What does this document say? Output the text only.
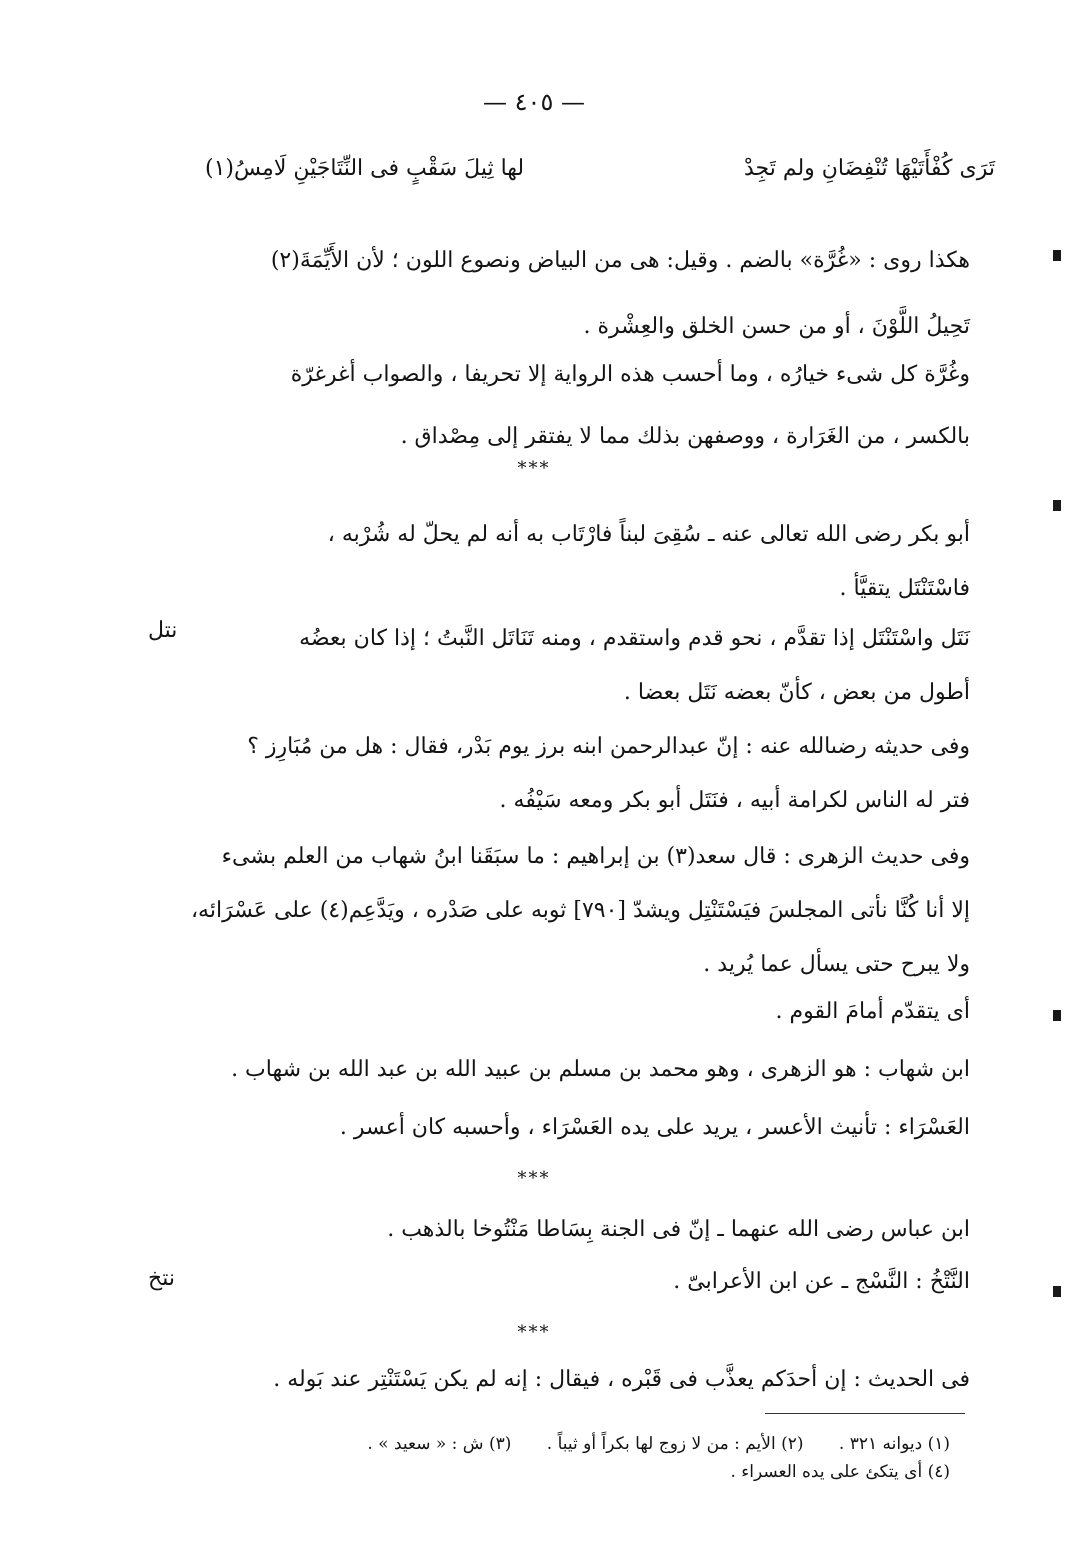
— ٤٠٥ —
تَرَى كُفْأَتَيْهَا تُنْفِضَانِ ولم تَجِدْ
لها ثِيلَ سَقْبٍ فى النِّتَاجَيْنِ لَامِسُ(١)
هكذا روى : «غُرَّة» بالضم . وقيل: هى من البياض ونصوع اللون ؛ لأن الأَيِّمَةَ(٢)
تَحِيلُ اللَّوْنَ ، أو من حسن الخلق والعِشْرة .
وغُرَّة كل شىء خيارُه ، وما أحسب هذه الرواية إلا تحريفا ، والصواب أغرغرّة
بالكسر ، من الغَرَارة ، ووصفهن بذلك مما لا يفتقر إلى مِصْداق .
***
أبو بكر رضى الله تعالى عنه ـ سُقِىَ لبناً فارْتَاب به أنه لم يحلّ له شُرْبه ،
فاسْتَنْتَل يتقيَّأ .
نَتَل واسْتَنْتَل إذا تقدَّم ، نحو قدم واستقدم ، ومنه تَنَاتَل النَّبتُ ؛ إذا كان بعضُه
أطول من بعض ، كأنّ بعضه نَتَل بعضا .
وفى حديثه رضىالله عنه : إنّ عبدالرحمن ابنه برز يوم بَدْر، فقال : هل من مُبَارِز ؟
فتر له الناس لكرامة أبيه ، فنَتَل أبو بكر ومعه سَيْفُه .
وفى حديث الزهرى : قال سعد(٣) بن إبراهيم : ما سبَقَنا ابنُ شهاب من العلم بشىء
إلا أنا كُنَّا نأتى المجلسَ فيَسْتَنْتِل ويشدّ [٧٩٠] ثوبه على صَدْره ، ويَدَّعِم(٤) على عَسْرَائه،
ولا يبرح حتى يسأل عما يُريد .
أى يتقدّم أمامَ القوم .
ابن شهاب : هو الزهرى ، وهو محمد بن مسلم بن عبيد الله بن عبد الله بن شهاب .
العَسْرَاء : تأنيث الأعسر ، يريد على يده العَسْرَاء ، وأحسبه كان أعسر .
***
ابن عباس رضى الله عنهما ـ إنّ فى الجنة بِسَاطا مَنْتُوخا بالذهب .
النَّتْخُ : النَّسْج ـ عن ابن الأعرابىّ .
***
فى الحديث : إن أحدَكم يعذَّب فى قَبْره ، فيقال : إنه لم يكن يَسْتَنْتِر عند بَوله .
نتل
نتخ
(١) ديوانه ٣٢١ . (٢) الأيم : من لا زوج لها بكراً أو ثيباً . (٣) ش : « سعيد » .
(٤) أى يتكئ على يده العسراء .
